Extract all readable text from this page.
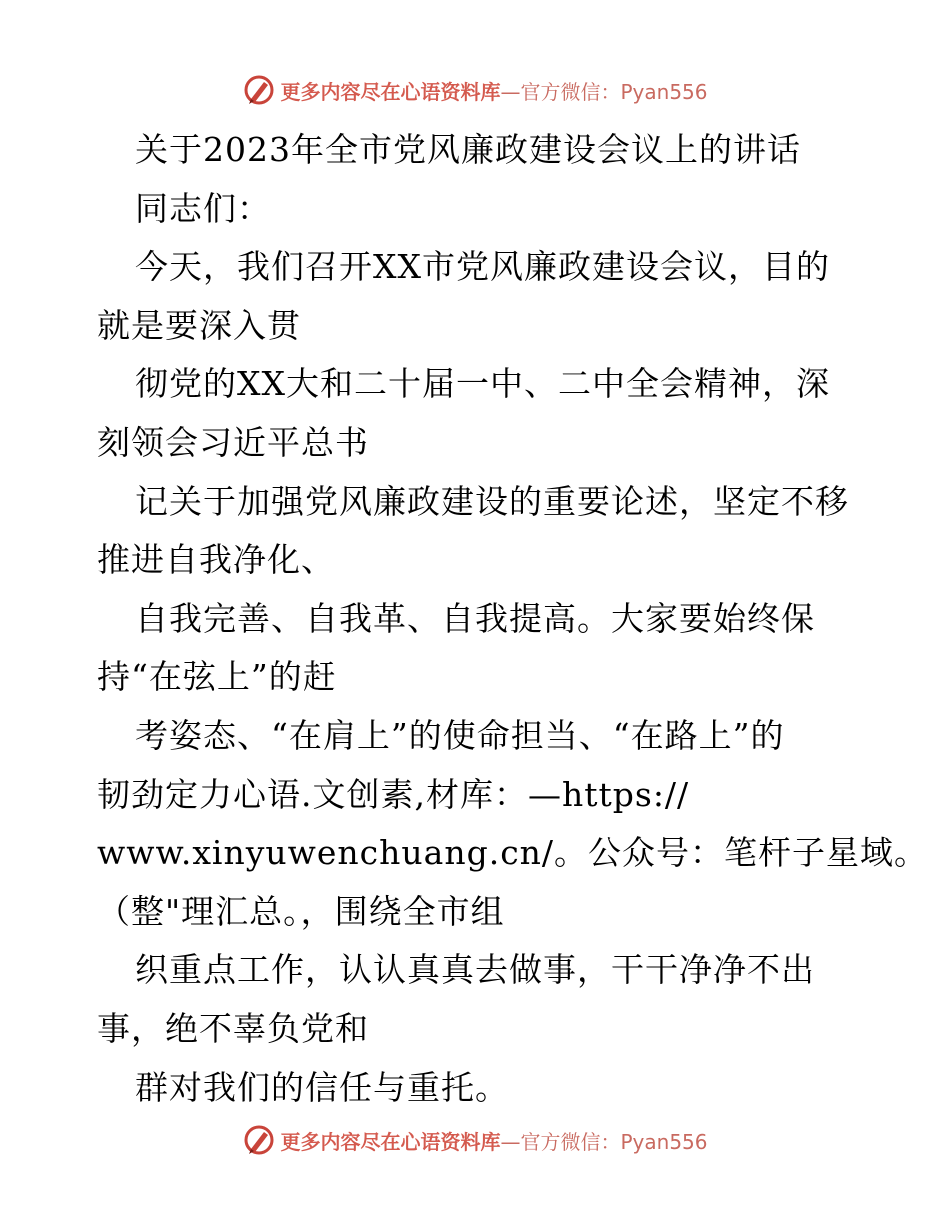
更多内容尽在心语资料库—官方微信：Pyan556
关于2023年全市党风廉政建设会议上的讲话
同志们：
今天，我们召开XX市党风廉政建设会议，目的
就是要深入贯
彻党的XX大和二十届一中、二中全会精神，深
刻领会习近平总书
记关于加强党风廉政建设的重要论述，坚定不移
推进自我净化、
自我完善、自我革、自我提高。大家要始终保
持“在弦上”的赶
考姿态、“在肩上”的使命担当、“在路上”的
韧劲定力心语.文创素,材库：—https://
www.xinyuwenchuang.cn/。公众号：笔杆子星域。
（整"理汇总。，围绕全市组
织重点工作，认认真真去做事，干干净净不出
事，绝不辜负党和
群对我们的信任与重托。
更多内容尽在心语资料库—官方微信：Pyan556
